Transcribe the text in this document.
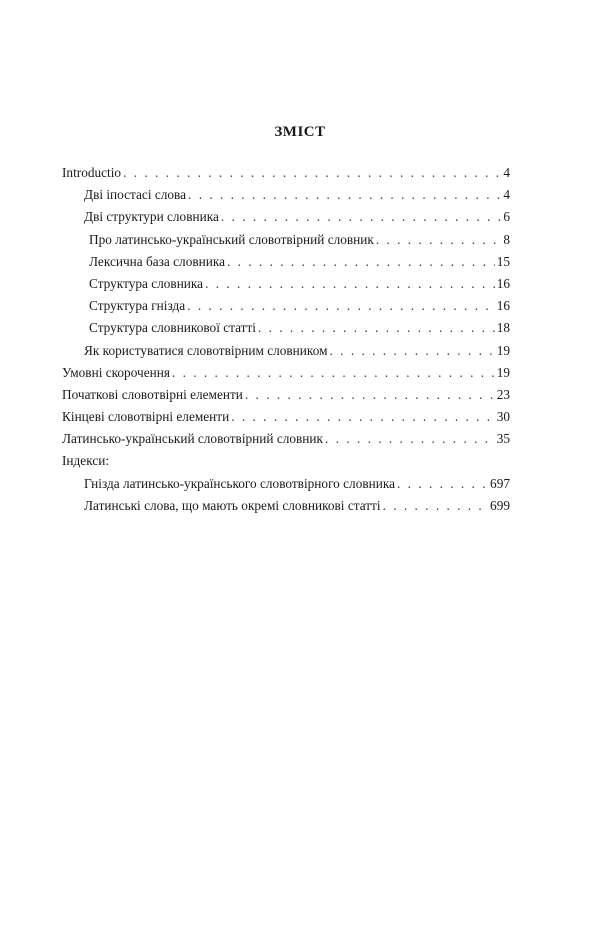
ЗМІСТ
Introductio . . .	4
Дві іпостасі слова . . .	4
Дві структури словника . . .	6
Про латинсько-український словотвірний словник . . .	8
Лексична база словника . . .	15
Структура словника . . .	16
Структура гнізда . . .	16
Структура словникової статті . . .	18
Як користуватися словотвірним словником . . .	19
Умовні скорочення . . .	19
Початкові словотвірні елементи . . .	23
Кінцеві словотвірні елементи . . .	30
Латинсько-український словотвірний словник . . .	35
Індекси:
Гнізда латинсько-українського словотвірного словника . . .	697
Латинські слова, що мають окремі словникові статті . . .	699
